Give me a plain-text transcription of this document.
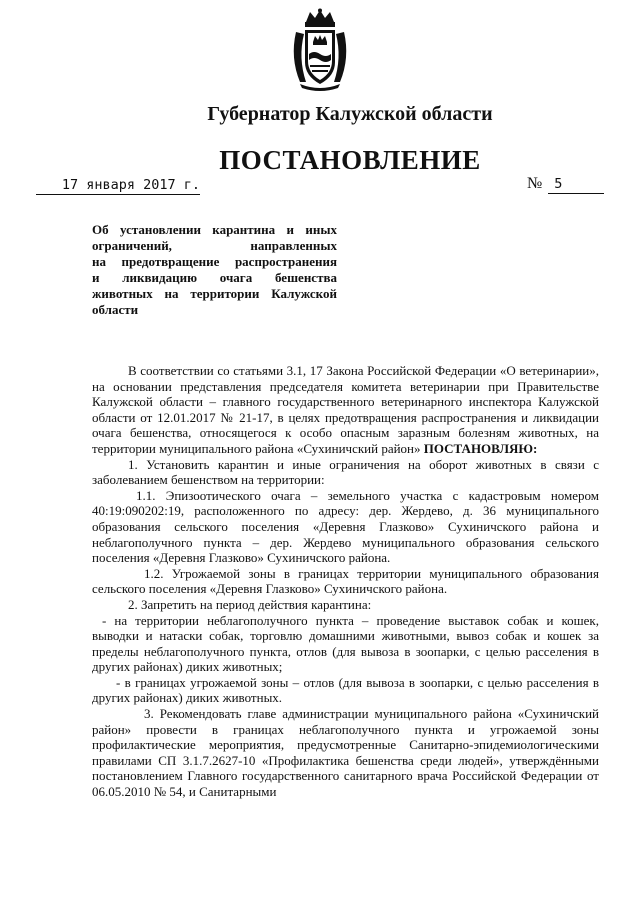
Губернатор Калужской области
ПОСТАНОВЛЕНИЕ
17 января 2017 г.	№ 5
Об установлении карантина и иных
ограничений, направленных
на предотвращение распространения
и ликвидацию очага бешенства
животных на территории Калужской
области

В соответствии со статьями 3.1, 17 Закона Российской Федерации «О ветеринарии», на основании представления председателя комитета ветеринарии при Правительстве Калужской области – главного государственного ветеринарного инспектора Калужской области от 12.01.2017 № 21-17, в целях предотвращения распространения и ликвидации очага бешенства, относящегося к особо опасным заразным болезням животных, на территории муниципального района «Сухиничский район» ПОСТАНОВЛЯЮ:

1. Установить карантин и иные ограничения на оборот животных в связи с заболеванием бешенством на территории:

1.1. Эпизоотического очага – земельного участка с кадастровым номером 40:19:090202:19, расположенного по адресу: дер. Жердево, д. 36 муниципального образования сельского поселения «Деревня Глазково» Сухиничского района и неблагополучного пункта – дер. Жердево муниципального образования сельского поселения «Деревня Глазково» Сухиничского района.

1.2. Угрожаемой зоны в границах территории муниципального образования сельского поселения «Деревня Глазково» Сухиничского района.

2. Запретить на период действия карантина:

- на территории неблагополучного пункта – проведение выставок собак и кошек, выводки и натаски собак, торговлю домашними животными, вывоз собак и кошек за пределы неблагополучного пункта, отлов (для вывоза в зоопарки, с целью расселения в других районах) диких животных;

- в границах угрожаемой зоны – отлов (для вывоза в зоопарки, с целью расселения в других районах) диких животных.

3. Рекомендовать главе администрации муниципального района «Сухиничский район» провести в границах неблагополучного пункта и угрожаемой зоны профилактические мероприятия, предусмотренные Санитарно-эпидемиологическими правилами СП 3.1.7.2627-10 «Профилактика бешенства среди людей», утверждёнными постановлением Главного государственного санитарного врача Российской Федерации от 06.05.2010 № 54, и Санитарными
